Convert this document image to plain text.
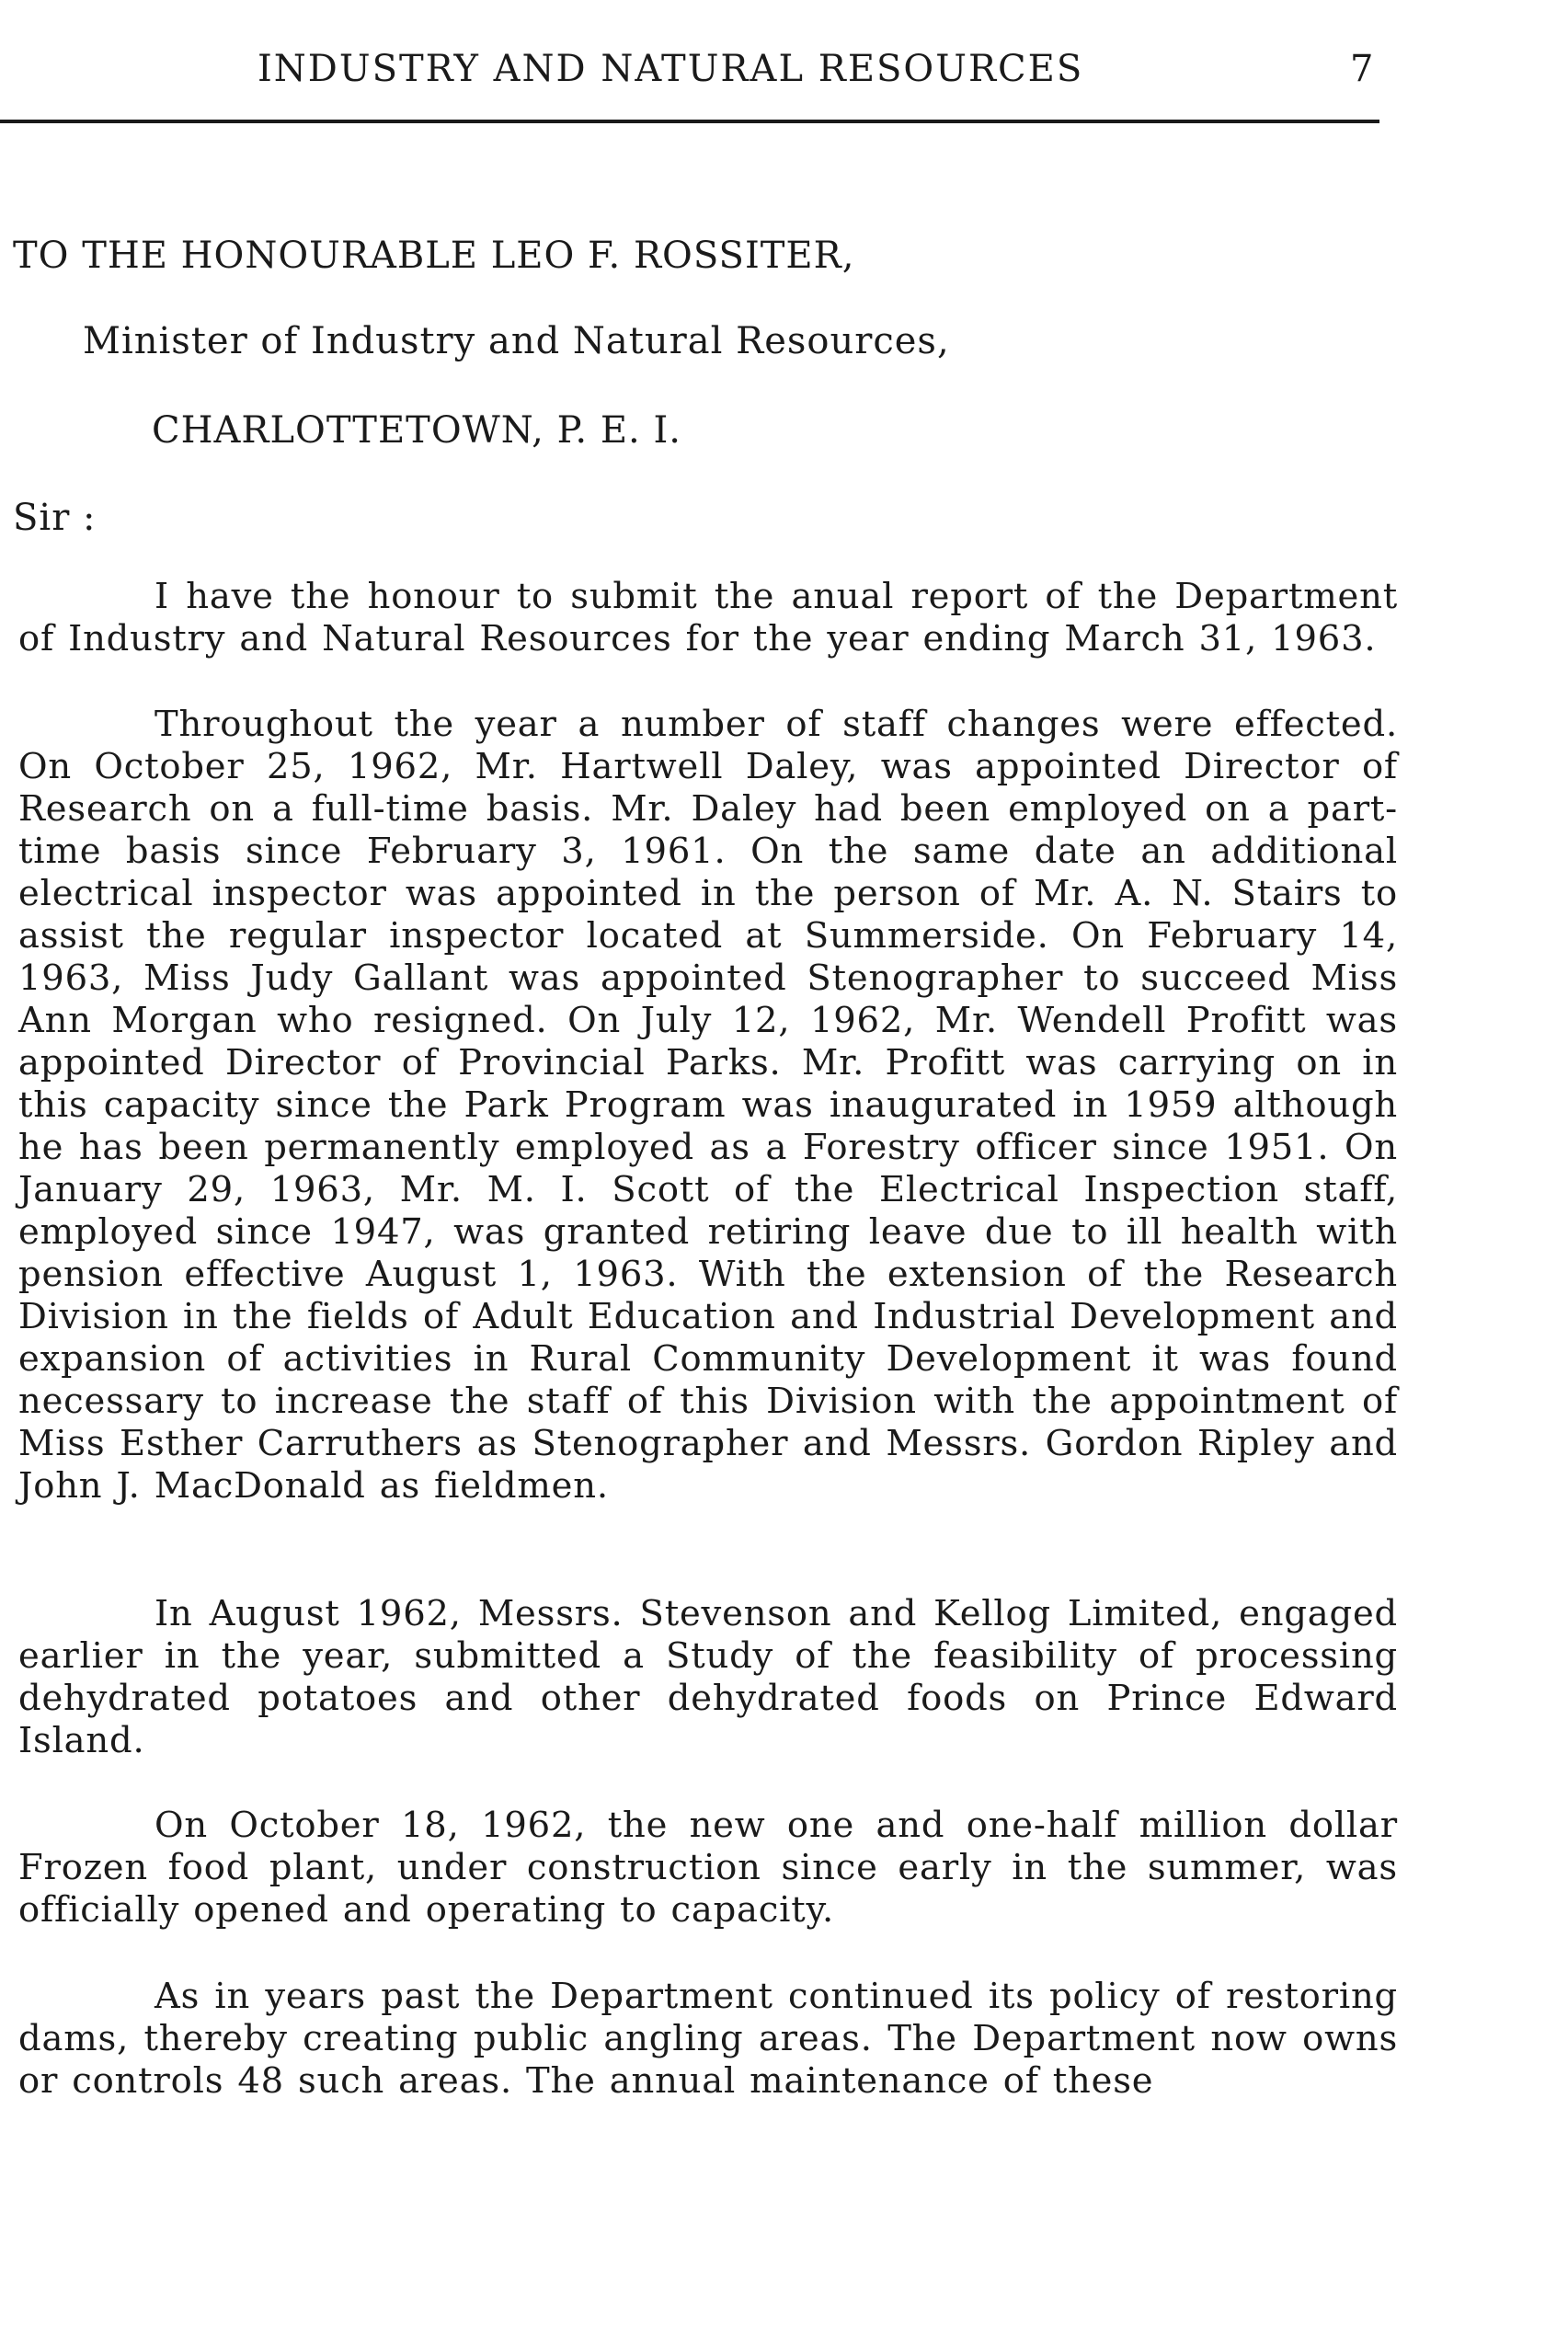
INDUSTRY AND NATURAL RESOURCES	7
TO THE HONOURABLE LEO F. ROSSITER,
Minister of Industry and Natural Resources,
CHARLOTTETOWN, P. E. I.
Sir :

I have the honour to submit the anual report of the Department of Industry and Natural Resources for the year ending March 31, 1963.

Throughout the year a number of staff changes were effected. On October 25, 1962, Mr. Hartwell Daley, was appointed Director of Research on a full-time basis. Mr. Daley had been employed on a part-time basis since February 3, 1961. On the same date an additional electrical inspector was appointed in the person of Mr. A. N. Stairs to assist the regular inspector located at Summerside. On February 14, 1963, Miss Judy Gallant was appointed Stenographer to succeed Miss Ann Morgan who resigned. On July 12, 1962, Mr. Wendell Profitt was appointed Director of Provincial Parks. Mr. Profitt was carrying on in this capacity since the Park Program was inaugurated in 1959 although he has been permanently employed as a Forestry officer since 1951. On January 29, 1963, Mr. M. I. Scott of the Electrical Inspection staff, employed since 1947, was granted retiring leave due to ill health with pension effective August 1, 1963. With the extension of the Research Division in the fields of Adult Education and Industrial Development and expansion of activities in Rural Community Development it was found necessary to increase the staff of this Division with the appointment of Miss Esther Carruthers as Stenographer and Messrs. Gordon Ripley and John J. MacDonald as fieldmen.

In August 1962, Messrs. Stevenson and Kellog Limited, engaged earlier in the year, submitted a Study of the feasibility of processing dehydrated potatoes and other dehydrated foods on Prince Edward Island.

On October 18, 1962, the new one and one-half million dollar Frozen food plant, under construction since early in the summer, was officially opened and operating to capacity.

As in years past the Department continued its policy of restoring dams, thereby creating public angling areas. The Department now owns or controls 48 such areas. The annual maintenance of these
